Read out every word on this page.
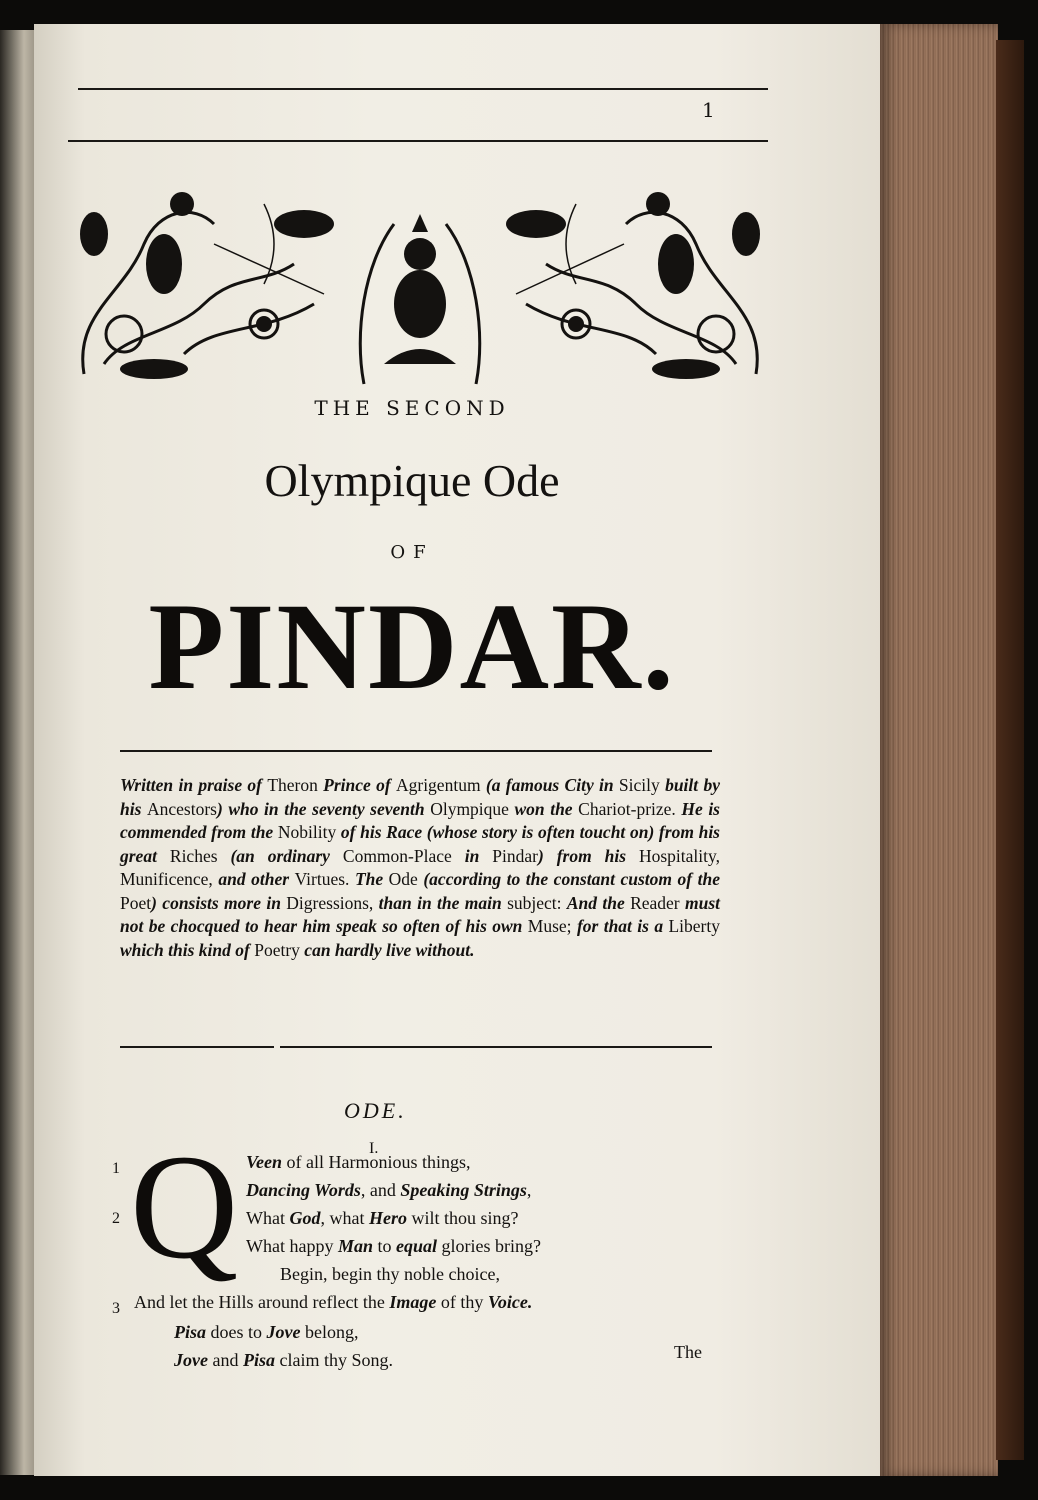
1
THE SECOND
Olympique Ode
OF
PINDAR.

Written in praise of Theron Prince of Agrigentum (a famous City in Sicily built by his Ancestors) who in the seventy seventh Olympique won the Chariot-prize. He is commended from the Nobility of his Race (whose story is often toucht on) from his great Riches (an ordinary Common-Place in Pindar) from his Hospitality, Munificence, and other Virtues. The Ode (according to the constant custom of the Poet) consists more in Digressions, than in the main subject: And the Reader must not be chocqued to hear him speak so often of his own Muse; for that is a Liberty which this kind of Poetry can hardly live without.

ODE.
I.
1
2
3
Q Veen of all Harmonious things,
Dancing Words, and Speaking Strings,
What God, what Hero wilt thou sing?
What happy Man to equal glories bring?
Begin, begin thy noble choice,
And let the Hills around reflect the Image of thy Voice.
Pisa does to Jove belong,
Jove and Pisa claim thy Song.	The
